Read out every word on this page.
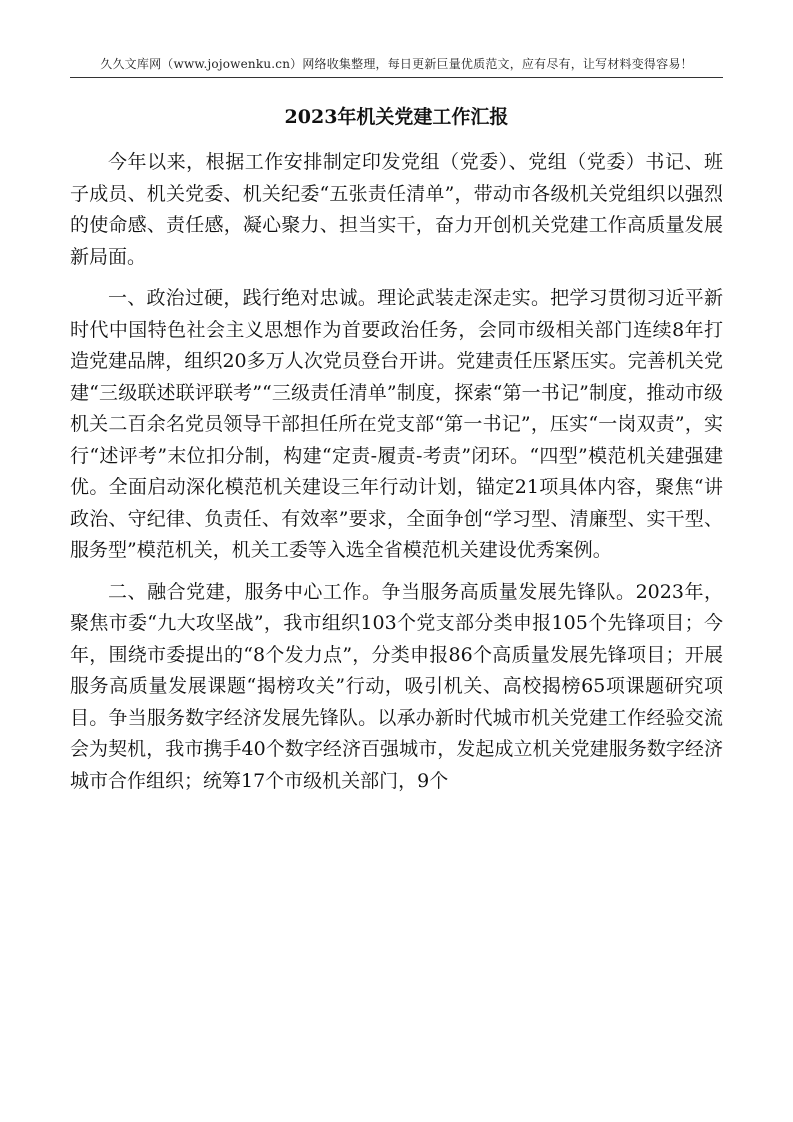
久久文库网（www.jojowenku.cn）网络收集整理，每日更新巨量优质范文，应有尽有，让写材料变得容易！
2023年机关党建工作汇报

今年以来，根据工作安排制定印发党组（党委）、党组（党委）书记、班子成员、机关党委、机关纪委“五张责任清单”，带动市各级机关党组织以强烈的使命感、责任感，凝心聚力、担当实干，奋力开创机关党建工作高质量发展新局面。

一、政治过硬，践行绝对忠诚。理论武装走深走实。把学习贯彻习近平新时代中国特色社会主义思想作为首要政治任务，会同市级相关部门连续8年打造党建品牌，组织20多万人次党员登台开讲。党建责任压紧压实。完善机关党建“三级联述联评联考”“三级责任清单”制度，探索“第一书记”制度，推动市级机关二百余名党员领导干部担任所在党支部“第一书记”，压实“一岗双责”，实行“述评考”末位扣分制，构建“定责-履责-考责”闭环。“四型”模范机关建强建优。全面启动深化模范机关建设三年行动计划，锚定21项具体内容，聚焦“讲政治、守纪律、负责任、有效率”要求，全面争创“学习型、清廉型、实干型、服务型”模范机关，机关工委等入选全省模范机关建设优秀案例。

二、融合党建，服务中心工作。争当服务高质量发展先锋队。2023年，聚焦市委“九大攻坚战”，我市组织103个党支部分类申报105个先锋项目；今年，围绕市委提出的“8个发力点”，分类申报86个高质量发展先锋项目；开展服务高质量发展课题“揭榜攻关”行动，吸引机关、高校揭榜65项课题研究项目。争当服务数字经济发展先锋队。以承办新时代城市机关党建工作经验交流会为契机，我市携手40个数字经济百强城市，发起成立机关党建服务数字经济城市合作组织；统筹17个市级机关部门，9个
